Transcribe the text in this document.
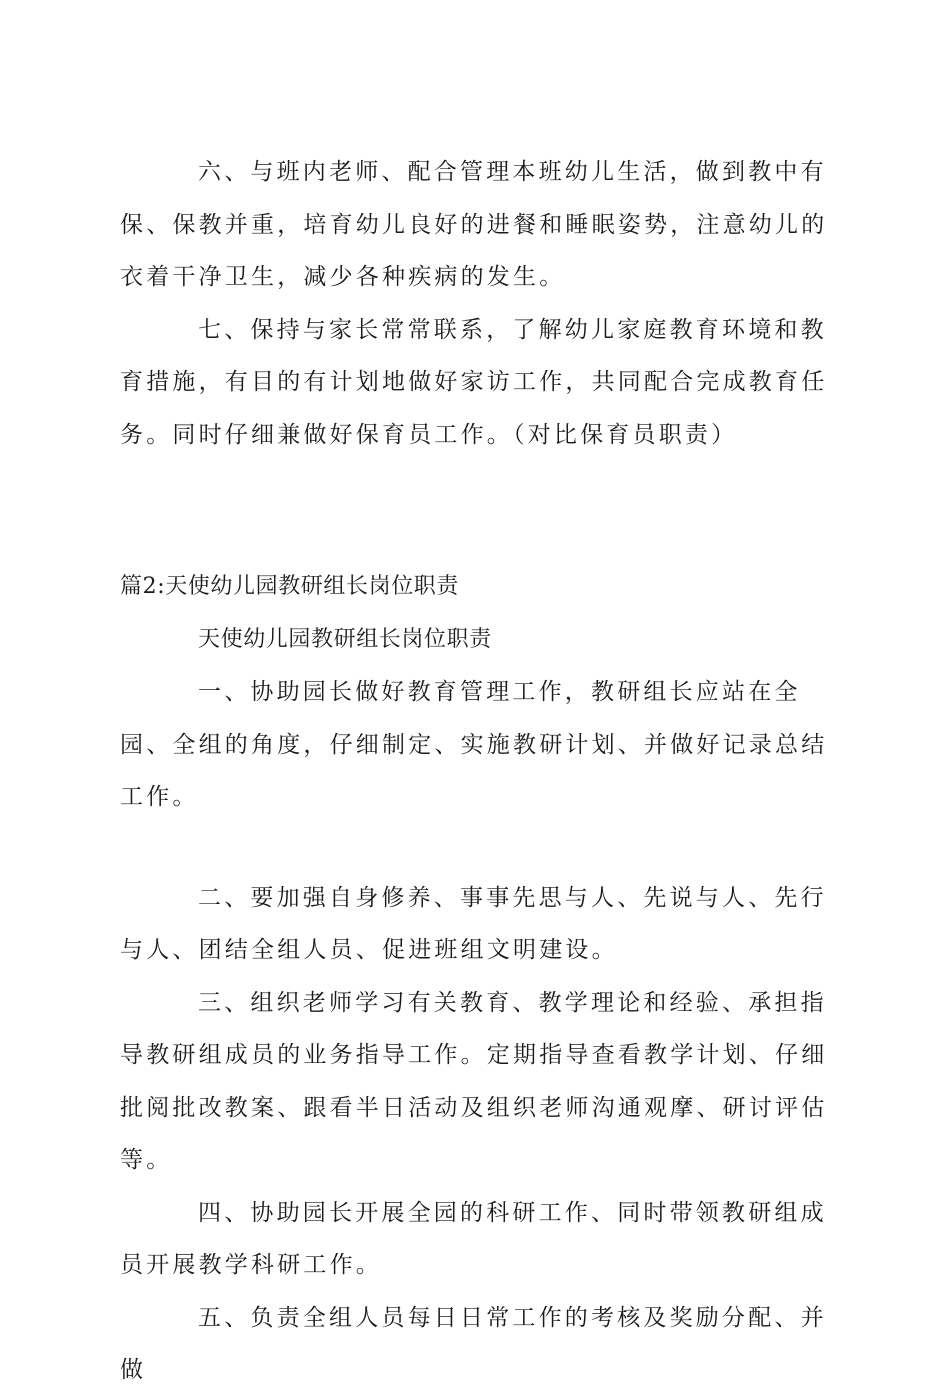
六、与班内老师、配合管理本班幼儿生活，做到教中有保、保教并重，培育幼儿良好的进餐和睡眠姿势，注意幼儿的衣着干净卫生，减少各种疾病的发生。

七、保持与家长常常联系，了解幼儿家庭教育环境和教育措施，有目的有计划地做好家访工作，共同配合完成教育任务。同时仔细兼做好保育员工作。（对比保育员职责）

篇2:天使幼儿园教研组长岗位职责

天使幼儿园教研组长岗位职责

一、协助园长做好教育管理工作，教研组长应站在全园、全组的角度，仔细制定、实施教研计划、并做好记录总结工作。

二、要加强自身修养、事事先思与人、先说与人、先行与人、团结全组人员、促进班组文明建设。

三、组织老师学习有关教育、教学理论和经验、承担指导教研组成员的业务指导工作。定期指导查看教学计划、仔细批阅批改教案、跟看半日活动及组织老师沟通观摩、研讨评估等。

四、协助园长开展全园的科研工作、同时带领教研组成员开展教学科研工作。

五、负责全组人员每日日常工作的考核及奖励分配、并做
